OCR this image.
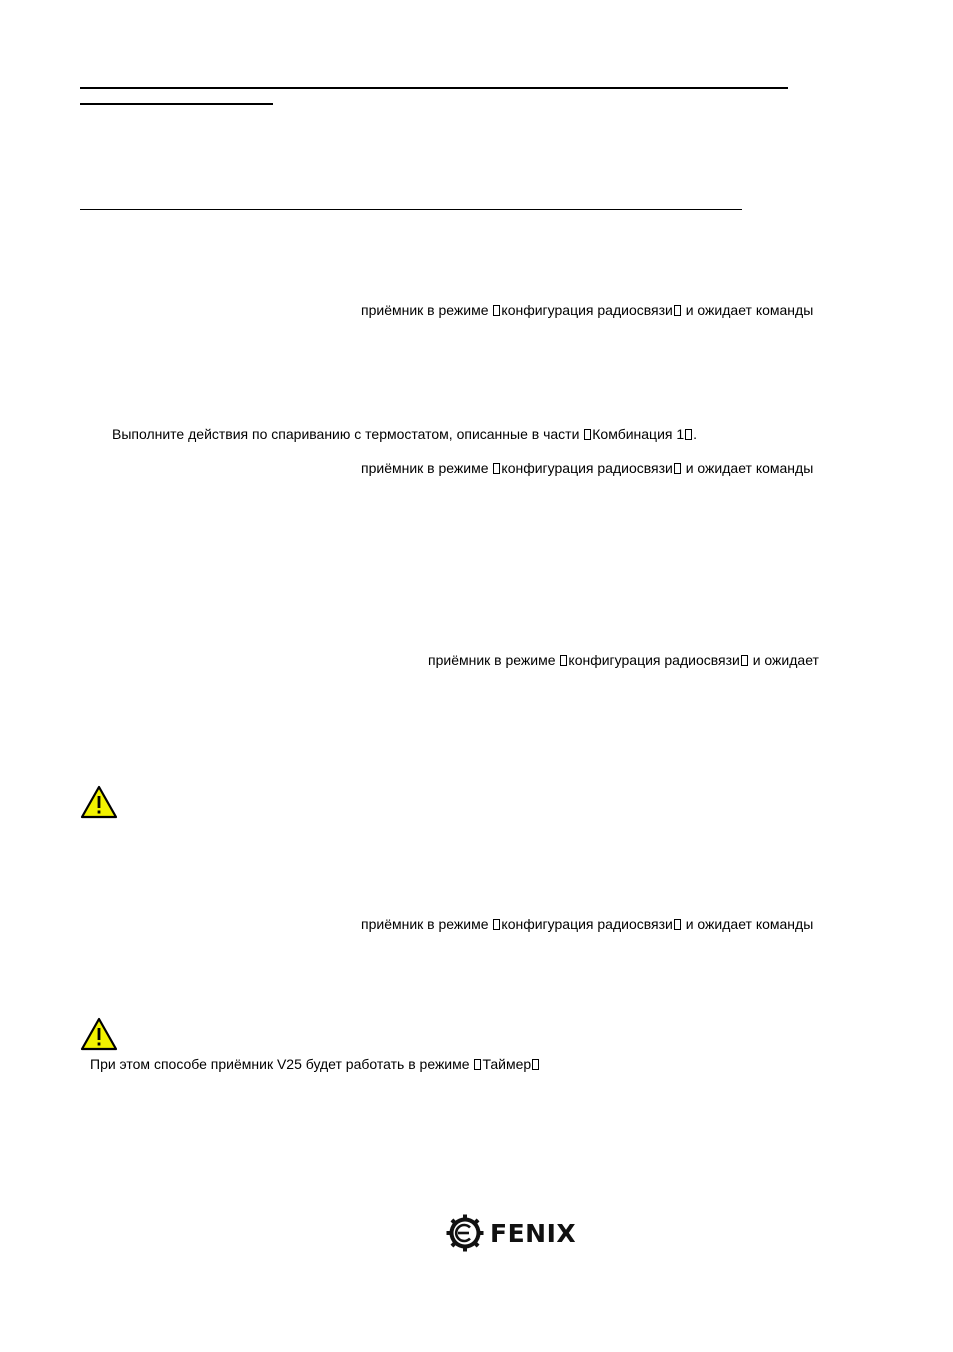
приёмник в режиме конфигурация радиосвязи и ожидает команды
Выполните действия по спариванию с термостатом, описанные в части Комбинация 1 .
приёмник в режиме конфигурация радиосвязи и ожидает команды
приёмник в режиме конфигурация радиосвязи и ожидает
приёмник в режиме конфигурация радиосвязи и ожидает команды
При этом способе приёмник V25 будет работать в режиме Таймер
FENIX
